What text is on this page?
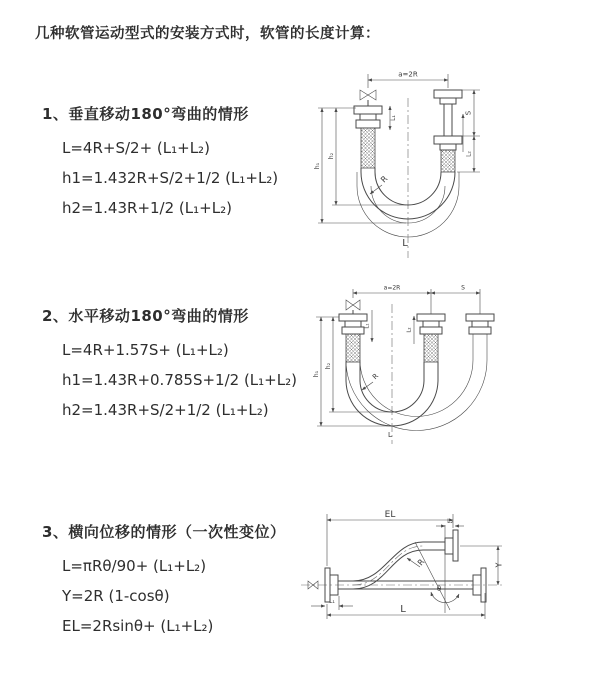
几种软管运动型式的安装方式时，软管的长度计算：
1、垂直移动180°弯曲的情形
L=4R+S/2+ (L₁+L₂)
h1=1.432R+S/2+1/2 (L₁+L₂)
h2=1.43R+1/2 (L₁+L₂)
2、水平移动180°弯曲的情形
L=4R+1.57S+ (L₁+L₂)
h1=1.43R+0.785S+1/2 (L₁+L₂)
h2=1.43R+S/2+1/2 (L₁+L₂)
3、横向位移的情形（一次性变位）
L=πRθ/90+ (L₁+L₂)
Y=2R (1-cosθ)
EL=2Rsinθ+ (L₁+L₂)
a=2R
L₁
S
L₂
h₂
h₁
R
L
a=2R	S
L₁
L₂
h₁
h₂
R
L
EL
L₂
Y
θ
R
L
L₁
